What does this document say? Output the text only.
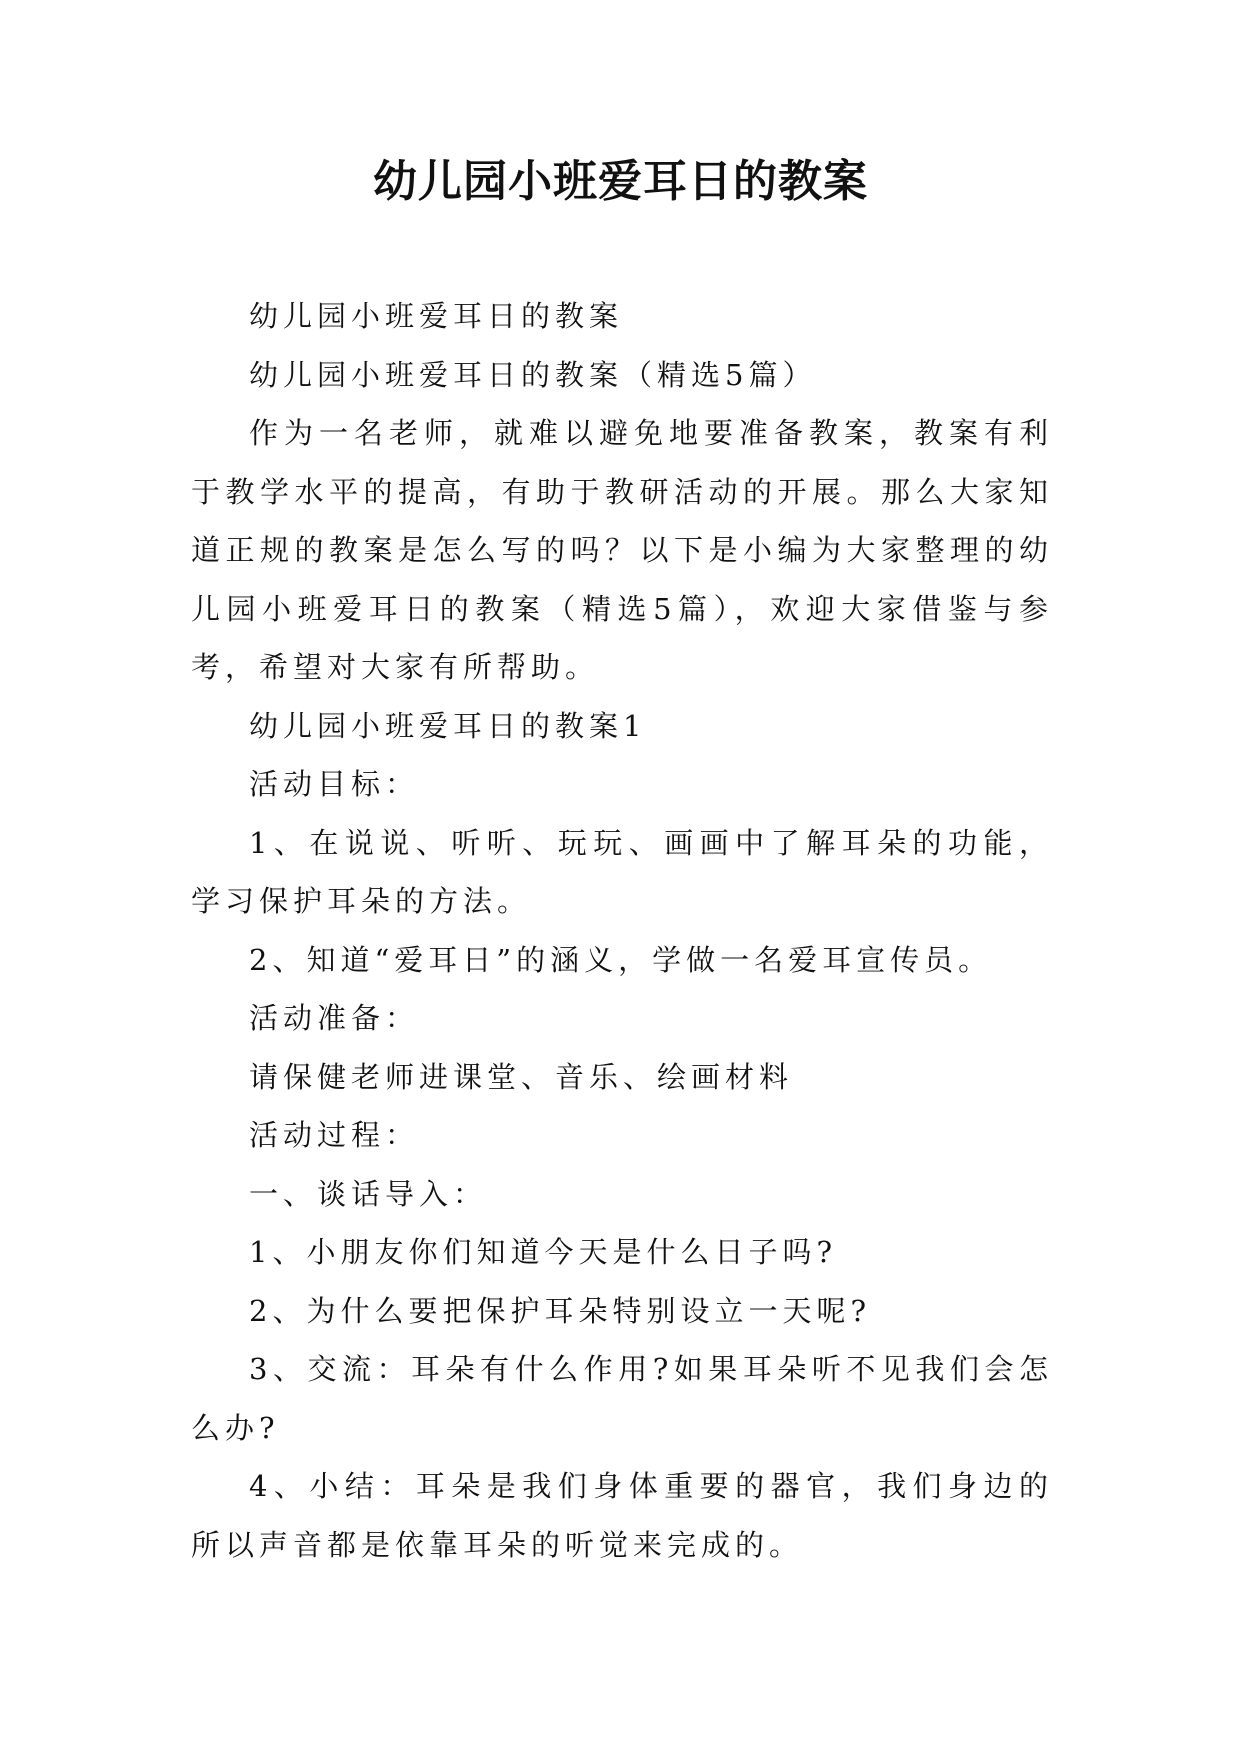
幼儿园小班爱耳日的教案

幼儿园小班爱耳日的教案

幼儿园小班爱耳日的教案（精选5篇）

作为一名老师，就难以避免地要准备教案，教案有利于教学水平的提高，有助于教研活动的开展。那么大家知道正规的教案是怎么写的吗？以下是小编为大家整理的幼儿园小班爱耳日的教案（精选5篇），欢迎大家借鉴与参考，希望对大家有所帮助。

幼儿园小班爱耳日的教案1

活动目标：

1、在说说、听听、玩玩、画画中了解耳朵的功能，学习保护耳朵的方法。

2、知道“爱耳日”的涵义，学做一名爱耳宣传员。

活动准备：

请保健老师进课堂、音乐、绘画材料

活动过程：

一、谈话导入：

1、小朋友你们知道今天是什么日子吗?

2、为什么要把保护耳朵特别设立一天呢?

3、交流：耳朵有什么作用?如果耳朵听不见我们会怎么办?

4、小结：耳朵是我们身体重要的器官，我们身边的所以声音都是依靠耳朵的听觉来完成的。
